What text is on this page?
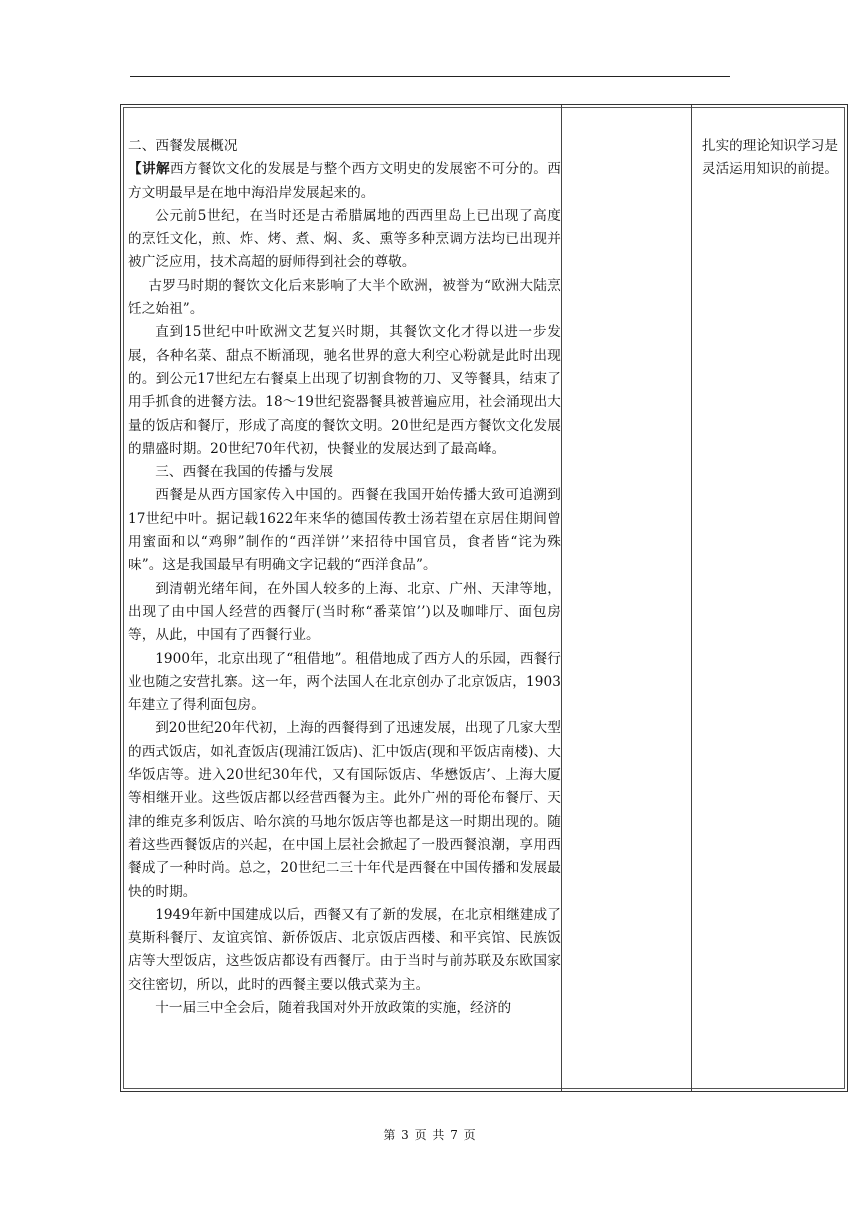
二、西餐发展概况

【讲解西方餐饮文化的发展是与整个西方文明史的发展密不可分的。西方文明最早是在地中海沿岸发展起来的。

公元前5世纪，在当时还是古希腊属地的西西里岛上已出现了高度的烹饪文化，煎、炸、烤、煮、焖、炙、熏等多种烹调方法均已出现并被广泛应用，技术高超的厨师得到社会的尊敬。

古罗马时期的餐饮文化后来影响了大半个欧洲，被誉为“欧洲大陆烹饪之始祖”。

直到15世纪中叶欧洲文艺复兴时期，其餐饮文化才得以进一步发展，各种名菜、甜点不断涌现，驰名世界的意大利空心粉就是此时出现的。到公元17世纪左右餐桌上出现了切割食物的刀、叉等餐具，结束了用手抓食的进餐方法。18～19世纪瓷器餐具被普遍应用，社会涌现出大量的饭店和餐厅，形成了高度的餐饮文明。20世纪是西方餐饮文化发展的鼎盛时期。20世纪70年代初，快餐业的发展达到了最高峰。

三、西餐在我国的传播与发展

西餐是从西方国家传入中国的。西餐在我国开始传播大致可追溯到17世纪中叶。据记载1622年来华的德国传教士汤若望在京居住期间曾用蜜面和以“鸡卵”制作的“西洋饼’’来招待中国官员，食者皆“诧为殊味”。这是我国最早有明确文字记载的“西洋食品”。

到清朝光绪年间，在外国人较多的上海、北京、广州、天津等地，出现了由中国人经营的西餐厅(当时称“番菜馆’’)以及咖啡厅、面包房等，从此，中国有了西餐行业。

1900年，北京出现了“租借地”。租借地成了西方人的乐园，西餐行业也随之安营扎寨。这一年，两个法国人在北京创办了北京饭店，1903年建立了得利面包房。

到20世纪20年代初，上海的西餐得到了迅速发展，出现了几家大型的西式饭店，如礼査饭店(现浦江饭店)、汇中饭店(现和平饭店南楼)、大华饭店等。进入20世纪30年代，又有国际饭店、华懋饭店’、上海大厦等相继开业。这些饭店都以经营西餐为主。此外广州的哥伦布餐厅、天津的维克多利饭店、哈尔滨的马地尔饭店等也都是这一时期出现的。随着这些西餐饭店的兴起，在中国上层社会掀起了一股西餐浪潮，享用西餐成了一种时尚。总之，20世纪二三十年代是西餐在中国传播和发展最快的时期。

1949年新中国建成以后，西餐又有了新的发展，在北京相继建成了莫斯科餐厅、友谊宾馆、新侨饭店、北京饭店西楼、和平宾馆、民族饭店等大型饭店，这些饭店都设有西餐厅。由于当时与前苏联及东欧国家交往密切，所以，此时的西餐主要以俄式菜为主。

十一届三中全会后，随着我国对外开放政策的实施，经济的

扎实的理论知识学习是灵活运用知识的前提。

第 3 页 共 7 页
